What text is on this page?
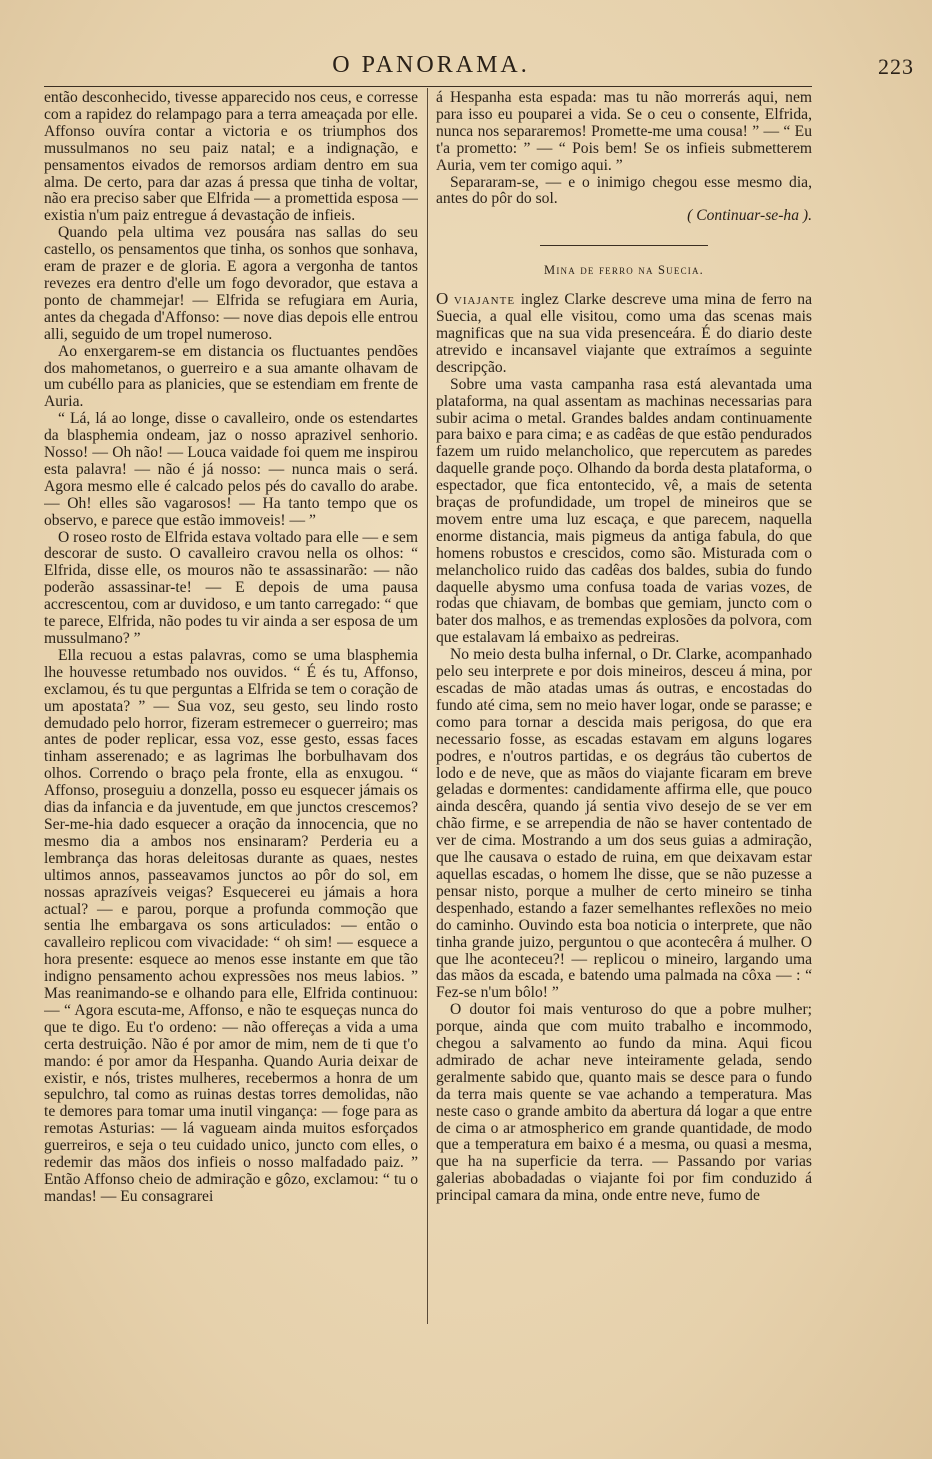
O PANORAMA.	223

então desconhecido, tivesse apparecido nos ceus, e corresse com a rapidez do relampago para a terra ameaçada por elle. Affonso ouvíra contar a victoria e os triumphos dos mussulmanos no seu paiz natal; e a indignação, e pensamentos eivados de remorsos ardiam dentro em sua alma. De certo, para dar azas á pressa que tinha de voltar, não era preciso saber que Elfrida — a promettida esposa — existia n'um paiz entregue á devastação de infieis.

Quando pela ultima vez pousára nas sallas do seu castello, os pensamentos que tinha, os sonhos que sonhava, eram de prazer e de gloria. E agora a vergonha de tantos revezes era dentro d'elle um fogo devorador, que estava a ponto de chammejar! — Elfrida se refugiara em Auria, antes da chegada d'Affonso: — nove dias depois elle entrou alli, seguido de um tropel numeroso.

Ao enxergarem-se em distancia os fluctuantes pendões dos mahometanos, o guerreiro e a sua amante olhavam de um cubéllo para as planicies, que se estendiam em frente de Auria.

“ Lá, lá ao longe, disse o cavalleiro, onde os estendartes da blasphemia ondeam, jaz o nosso aprazivel senhorio. Nosso! — Oh não! — Louca vaidade foi quem me inspirou esta palavra! — não é já nosso: — nunca mais o será. Agora mesmo elle é calcado pelos pés do cavallo do arabe. — Oh! elles são vagarosos! — Ha tanto tempo que os observo, e parece que estão immoveis! — ”

O roseo rosto de Elfrida estava voltado para elle — e sem descorar de susto. O cavalleiro cravou nella os olhos: “ Elfrida, disse elle, os mouros não te assassinarão: — não poderão assassinar-te! — E depois de uma pausa accrescentou, com ar duvidoso, e um tanto carregado: “ que te parece, Elfrida, não podes tu vir ainda a ser esposa de um mussulmano? ”

Ella recuou a estas palavras, como se uma blasphemia lhe houvesse retumbado nos ouvidos. “ É és tu, Affonso, exclamou, és tu que perguntas a Elfrida se tem o coração de um apostata? ” — Sua voz, seu gesto, seu lindo rosto demudado pelo horror, fizeram estremecer o guerreiro; mas antes de poder replicar, essa voz, esse gesto, essas faces tinham asserenado; e as lagrimas lhe borbulhavam dos olhos. Correndo o braço pela fronte, ella as enxugou. “ Affonso, proseguiu a donzella, posso eu esquecer jámais os dias da infancia e da juventude, em que junctos crescemos? Ser-me-hia dado esquecer a oração da innocencia, que no mesmo dia a ambos nos ensinaram? Perderia eu a lembrança das horas deleitosas durante as quaes, nestes ultimos annos, passeavamos junctos ao pôr do sol, em nossas aprazíveis veigas? Esquecerei eu jámais a hora actual? — e parou, porque a profunda commoção que sentia lhe embargava os sons articulados: — então o cavalleiro replicou com vivacidade: “ oh sim! — esquece a hora presente: esquece ao menos esse instante em que tão indigno pensamento achou expressões nos meus labios. ” Mas reanimando-se e olhando para elle, Elfrida continuou: — “ Agora escuta-me, Affonso, e não te esqueças nunca do que te digo. Eu t'o ordeno: — não offereças a vida a uma certa destruição. Não é por amor de mim, nem de ti que t'o mando: é por amor da Hespanha. Quando Auria deixar de existir, e nós, tristes mulheres, recebermos a honra de um sepulchro, tal como as ruinas destas torres demolidas, não te demores para tomar uma inutil vingança: — foge para as remotas Asturias: — lá vagueam ainda muitos esforçados guerreiros, e seja o teu cuidado unico, juncto com elles, o redemir das mãos dos infieis o nosso malfadado paiz. ” Então Affonso cheio de admiração e gôzo, exclamou: “ tu o mandas! — Eu consagrarei

á Hespanha esta espada: mas tu não morrerás aqui, nem para isso eu pouparei a vida. Se o ceu o consente, Elfrida, nunca nos separaremos! Promette-me uma cousa! ” — “ Eu t'a prometto: ” — “ Pois bem! Se os infieis submetterem Auria, vem ter comigo aqui. ”

Separaram-se, — e o inimigo chegou esse mesmo dia, antes do pôr do sol.

( Continuar-se-ha ).

Mina de ferro na Suecia.

O viajante inglez Clarke descreve uma mina de ferro na Suecia, a qual elle visitou, como uma das scenas mais magnificas que na sua vida presenceára. É do diario deste atrevido e incansavel viajante que extraímos a seguinte descripção.

Sobre uma vasta campanha rasa está alevantada uma plataforma, na qual assentam as machinas necessarias para subir acima o metal. Grandes baldes andam continuamente para baixo e para cima; e as cadêas de que estão pendurados fazem um ruido melancholico, que repercutem as paredes daquelle grande poço. Olhando da borda desta plataforma, o espectador, que fica entontecido, vê, a mais de setenta braças de profundidade, um tropel de mineiros que se movem entre uma luz escaça, e que parecem, naquella enorme distancia, mais pigmeus da antiga fabula, do que homens robustos e crescidos, como são. Misturada com o melancholico ruido das cadêas dos baldes, subia do fundo daquelle abysmo uma confusa toada de varias vozes, de rodas que chiavam, de bombas que gemiam, juncto com o bater dos malhos, e as tremendas explosões da polvora, com que estalavam lá embaixo as pedreiras.

No meio desta bulha infernal, o Dr. Clarke, acompanhado pelo seu interprete e por dois mineiros, desceu á mina, por escadas de mão atadas umas ás outras, e encostadas do fundo até cima, sem no meio haver logar, onde se parasse; e como para tornar a descida mais perigosa, do que era necessario fosse, as escadas estavam em alguns logares podres, e n'outros partidas, e os degráus tão cubertos de lodo e de neve, que as mãos do viajante ficaram em breve geladas e dormentes: candidamente affirma elle, que pouco ainda descêra, quando já sentia vivo desejo de se ver em chão firme, e se arrependia de não se haver contentado de ver de cima. Mostrando a um dos seus guias a admiração, que lhe causava o estado de ruina, em que deixavam estar aquellas escadas, o homem lhe disse, que se não puzesse a pensar nisto, porque a mulher de certo mineiro se tinha despenhado, estando a fazer semelhantes reflexões no meio do caminho. Ouvindo esta boa noticia o interprete, que não tinha grande juizo, perguntou o que acontecêra á mulher. O que lhe aconteceu?! — replicou o mineiro, largando uma das mãos da escada, e batendo uma palmada na côxa — : “ Fez-se n'um bôlo! ”

O doutor foi mais venturoso do que a pobre mulher; porque, ainda que com muito trabalho e incommodo, chegou a salvamento ao fundo da mina. Aqui ficou admirado de achar neve inteiramente gelada, sendo geralmente sabido que, quanto mais se desce para o fundo da terra mais quente se vae achando a temperatura. Mas neste caso o grande ambito da abertura dá logar a que entre de cima o ar atmospherico em grande quantidade, de modo que a temperatura em baixo é a mesma, ou quasi a mesma, que ha na superficie da terra. — Passando por varias galerias abobadadas o viajante foi por fim conduzido á principal camara da mina, onde entre neve, fumo de
